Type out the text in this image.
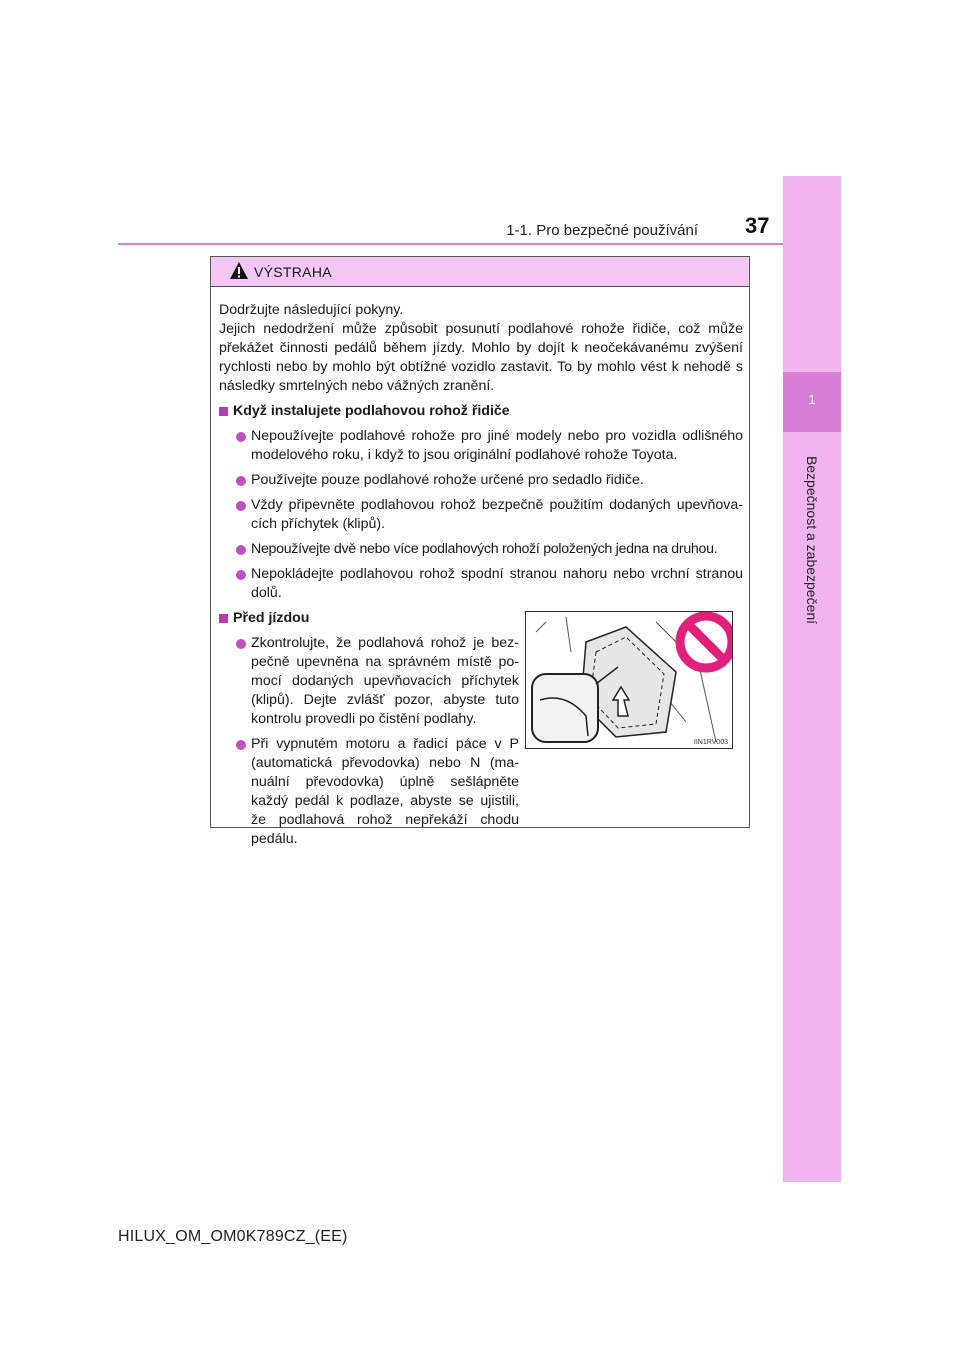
1
Bezpečnost a zabezpečení
1-1. Pro bezpečné používání 37
VÝSTRAHA

Dodržujte následující pokyny.

Jejich nedodržení může způsobit posunutí podlahové rohože řidiče, což může překážet činnosti pedálů během jízdy. Mohlo by dojít k neočekávanému zvýšení rychlosti nebo by mohlo být obtížné vozidlo zastavit. To by mohlo vést k nehodě s následky smrtelných nebo vážných zranění.

Když instalujete podlahovou rohož řidiče
Nepoužívejte podlahové rohože pro jiné modely nebo pro vozidla odlišného modelového roku, i když to jsou originální podlahové rohože Toyota.
Používejte pouze podlahové rohože určené pro sedadlo řidiče.
Vždy připevněte podlahovou rohož bezpečně použitím dodaných upevňova-cích příchytek (klipů).
Nepoužívejte dvě nebo více podlahových rohoží položených jedna na druhou.
Nepokládejte podlahovou rohož spodní stranou nahoru nebo vrchní stranou dolů.
Před jízdou
Zkontrolujte, že podlahová rohož je bez-pečně upevněna na správném místě po-mocí dodaných upevňovacích příchytek (klipů). Dejte zvlášť pozor, abyste tuto kontrolu provedli po čistění podlahy.
Při vypnutém motoru a řadicí páce v P (automatická převodovka) nebo N (ma-nuální převodovka) úplně sešlápněte každý pedál k podlaze, abyste se ujistili, že podlahová rohož nepřekáží chodu pedálu.
IIN1RV003
HILUX_OM_OM0K789CZ_(EE)
